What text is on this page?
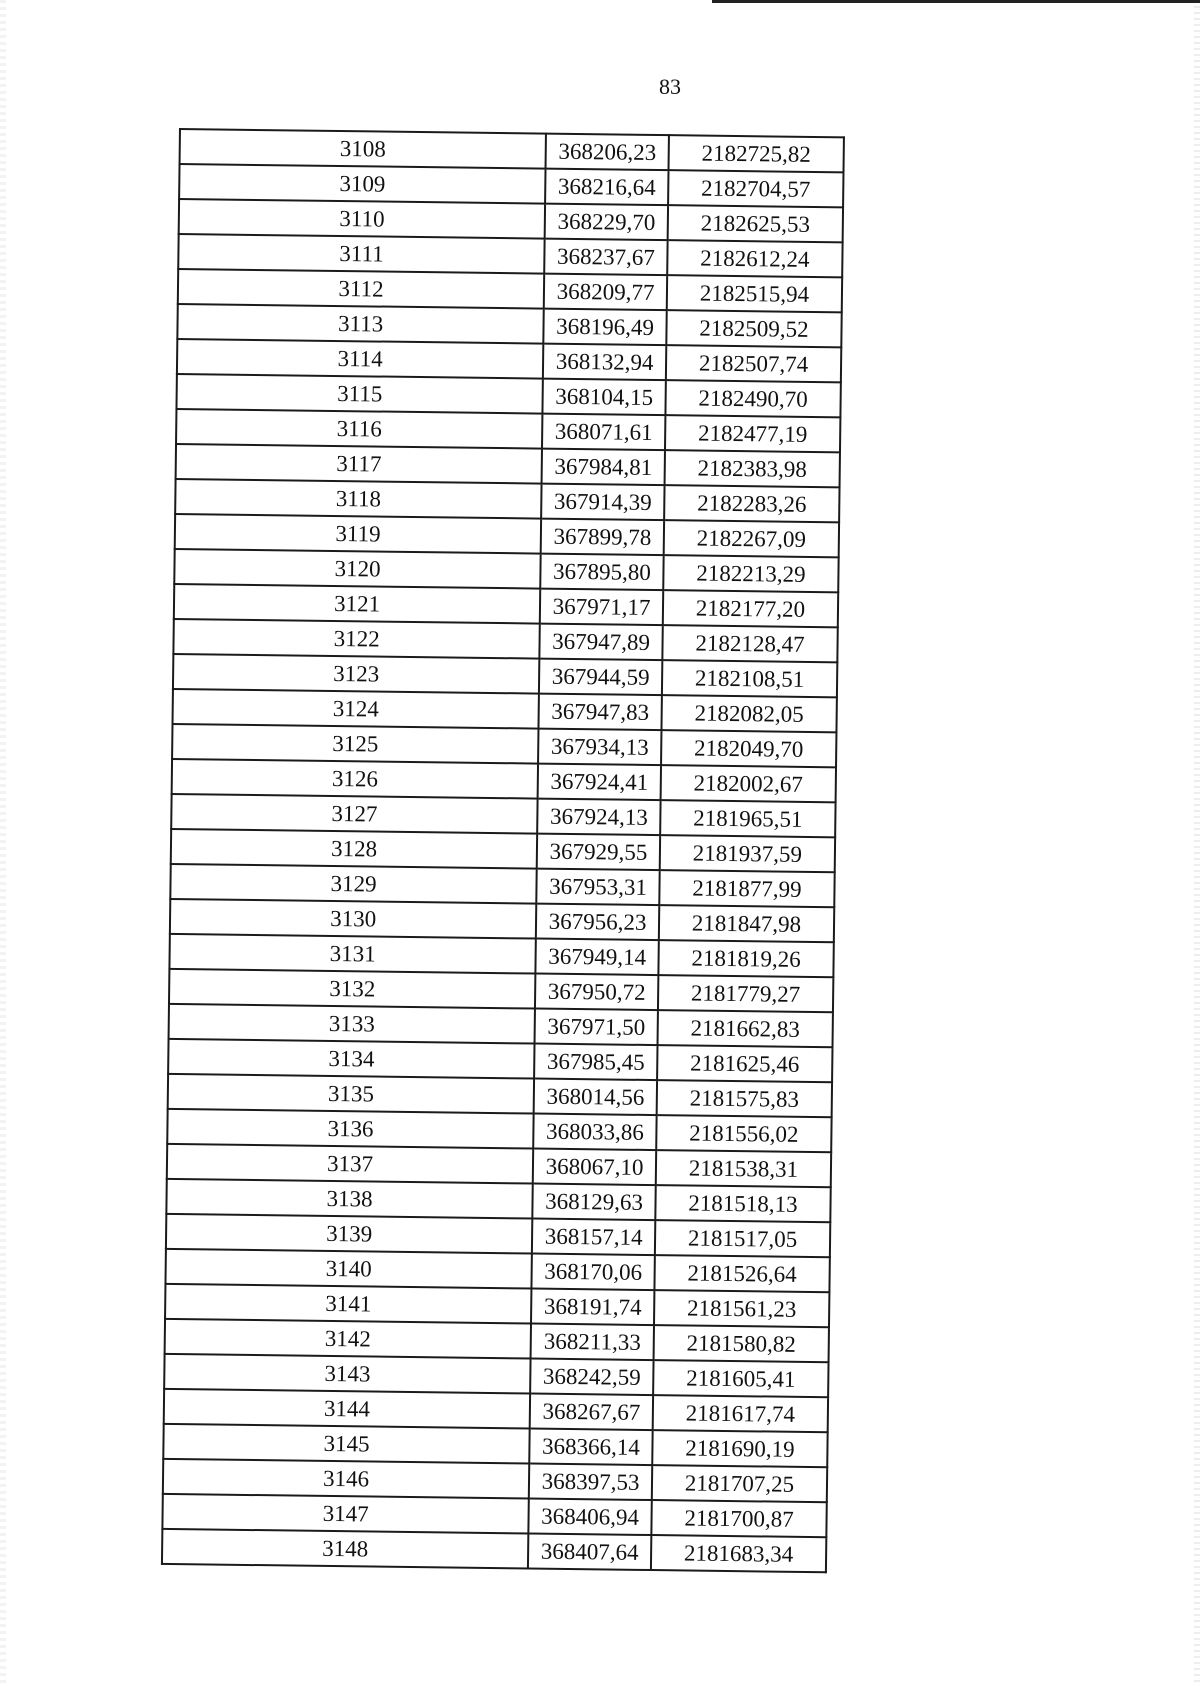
83
3108	368206,23	2182725,82
3109	368216,64	2182704,57
3110	368229,70	2182625,53
3111	368237,67	2182612,24
3112	368209,77	2182515,94
3113	368196,49	2182509,52
3114	368132,94	2182507,74
3115	368104,15	2182490,70
3116	368071,61	2182477,19
3117	367984,81	2182383,98
3118	367914,39	2182283,26
3119	367899,78	2182267,09
3120	367895,80	2182213,29
3121	367971,17	2182177,20
3122	367947,89	2182128,47
3123	367944,59	2182108,51
3124	367947,83	2182082,05
3125	367934,13	2182049,70
3126	367924,41	2182002,67
3127	367924,13	2181965,51
3128	367929,55	2181937,59
3129	367953,31	2181877,99
3130	367956,23	2181847,98
3131	367949,14	2181819,26
3132	367950,72	2181779,27
3133	367971,50	2181662,83
3134	367985,45	2181625,46
3135	368014,56	2181575,83
3136	368033,86	2181556,02
3137	368067,10	2181538,31
3138	368129,63	2181518,13
3139	368157,14	2181517,05
3140	368170,06	2181526,64
3141	368191,74	2181561,23
3142	368211,33	2181580,82
3143	368242,59	2181605,41
3144	368267,67	2181617,74
3145	368366,14	2181690,19
3146	368397,53	2181707,25
3147	368406,94	2181700,87
3148	368407,64	2181683,34
